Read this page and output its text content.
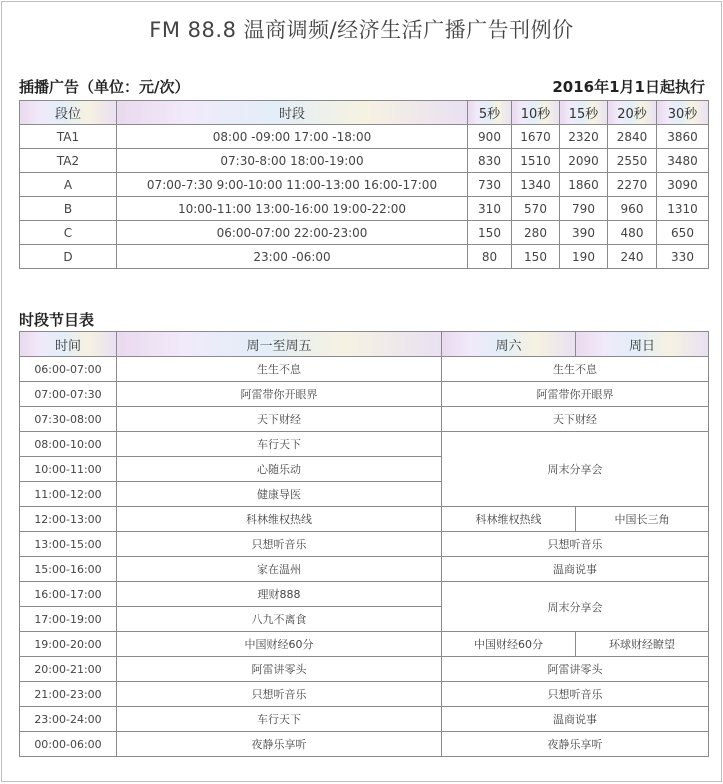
FM 88.8 温商调频/经济生活广播广告刊例价
插播广告（单位：元/次）	2016年1月1日起执行
段位	时段	5秒	10秒	15秒	20秒	30秒
TA1	08:00 -09:00 17:00 -18:00	900	1670	2320	2840	3860
TA2	07:30-8:00 18:00-19:00	830	1510	2090	2550	3480
A	07:00-7:30 9:00-10:00 11:00-13:00 16:00-17:00	730	1340	1860	2270	3090
B	10:00-11:00 13:00-16:00 19:00-22:00	310	570	790	960	1310
C	06:00-07:00 22:00-23:00	150	280	390	480	650
D	23:00 -06:00	80	150	190	240	330
时段节目表
时间	周一至周五	周六	周日
06:00-07:00	生生不息	生生不息	
07:00-07:30	阿雷带你开眼界	阿雷带你开眼界	
07:30-08:00	天下财经	天下财经	
08:00-10:00	车行天下	周末分享会	
10:00-11:00	心随乐动		
11:00-12:00	健康导医		
12:00-13:00	科林维权热线	科林维权热线	中国长三角
13:00-15:00	只想听音乐	只想听音乐	
15:00-16:00	家在温州	温商说事	
16:00-17:00	理财888	周末分享会	
17:00-19:00	八九不离食		
19:00-20:00	中国财经60分	中国财经60分	环球财经瞭望
20:00-21:00	阿雷讲零头	阿雷讲零头	
21:00-23:00	只想听音乐	只想听音乐	
23:00-24:00	车行天下	温商说事	
00:00-06:00	夜静乐享听	夜静乐享听	
